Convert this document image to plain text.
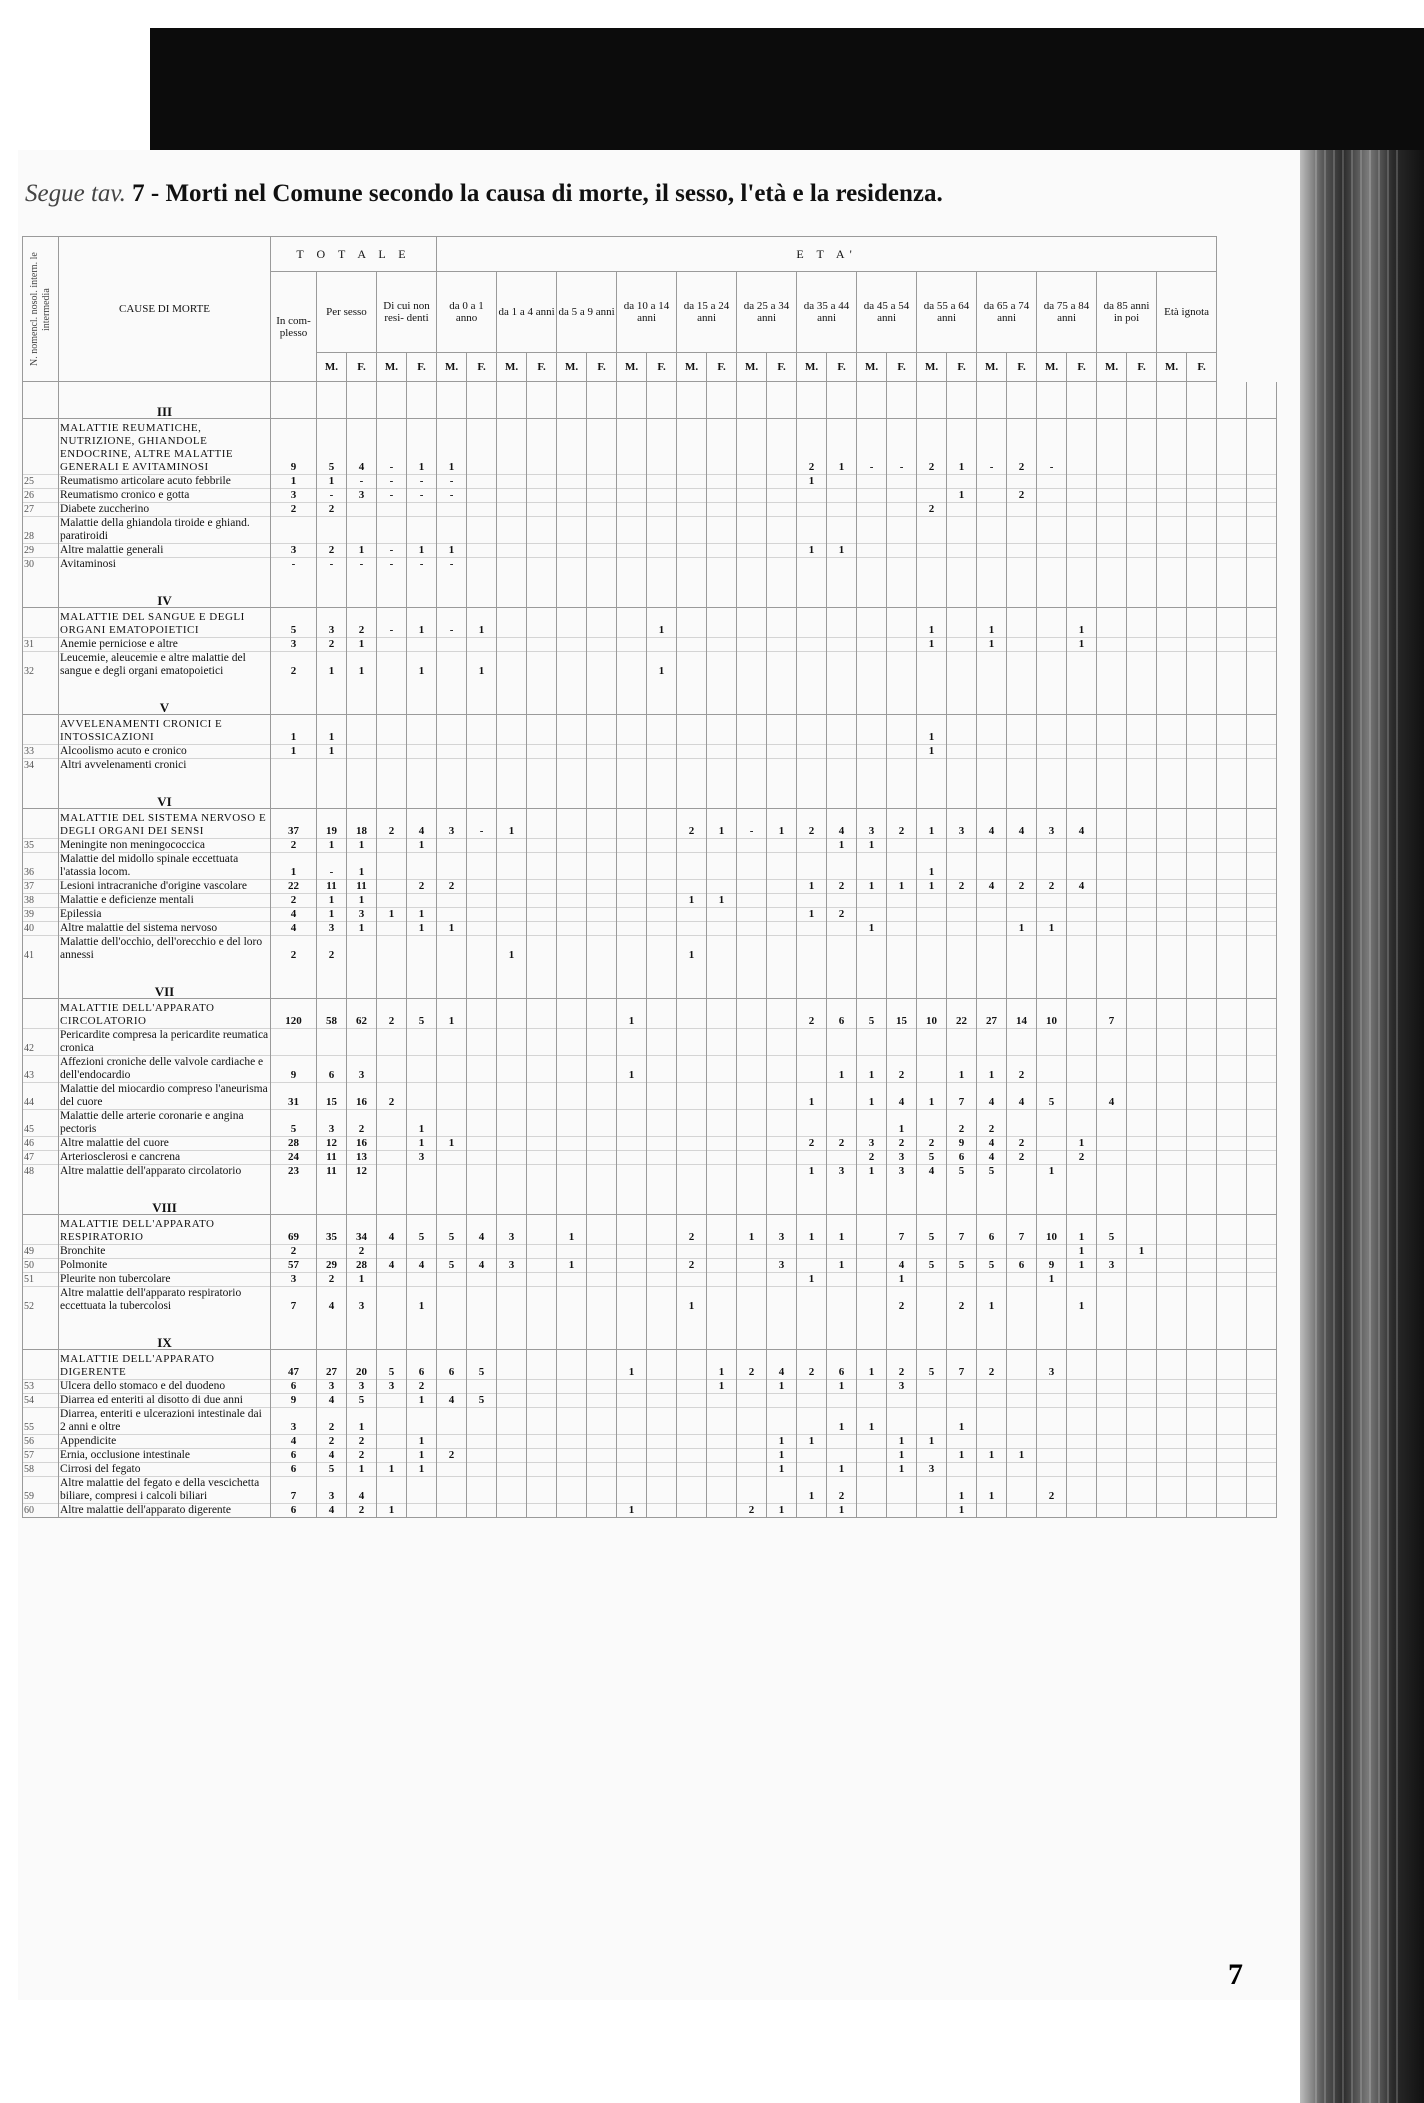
Segue tav. 7 - Morti nel Comune secondo la causa di morte, il sesso, l'età e la residenza.
N. nomencl. nosol. intern. le intermedia	CAUSE DI MORTE	T O T A L E					E T A'																											
		In com- plesso	Per sesso		Di cui non resi- denti		da 0 a 1 anno		da 1 a 4 anni		da 5 a 9 anni		da 10 a 14 anni		da 15 a 24 anni		da 25 a 34 anni		da 35 a 44 anni		da 45 a 54 anni		da 55 a 64 anni		da 65 a 74 anni		da 75 a 84 anni		da 85 anni in poi		Età ignota			
			M.	F.	M.	F.	M.	F.	M.	F.	M.	F.	M.	F.	M.	F.	M.	F.	M.	F.	M.	F.	M.	F.	M.	F.	M.	F.	M.	F.	M.	F.		
	III																																	
	MALATTIE REUMATICHE, NUTRIZIONE, GHIANDOLE ENDOCRINE, ALTRE MALATTIE GENERALI E AVITAMINOSI	9	5	4	-	1	1												2	1	-	-	2	1	-	2	-							
25	Reumatismo articolare acuto febbrile	1	1	-	-	-	-												1															
26	Reumatismo cronico e gotta	3	-	3	-	-	-																	1		2								
27	Diabete zuccherino	2	2																				2											
28	Malattie della ghiandola tiroide e ghiand. paratiroidi																																	
29	Altre malattie generali	3	2	1	-	1	1												1	1														
30	Avitaminosi	-	-	-	-	-	-																											
	IV																																	
	MALATTIE DEL SANGUE E DEGLI ORGANI EMATOPOIETICI	5	3	2	-	1	-	1						1									1		1			1						
31	Anemie perniciose e altre	3	2	1																			1		1			1						
32	Leucemie, aleucemie e altre malattie del sangue e degli organi ematopoietici	2	1	1		1		1						1																				
	V																																	
	AVVELENAMENTI CRONICI E INTOSSICAZIONI	1	1																				1											
33	Alcoolismo acuto e cronico	1	1																				1											
34	Altri avvelenamenti cronici																																	
	VI																																	
	MALATTIE DEL SISTEMA NERVOSO E DEGLI ORGANI DEI SENSI	37	19	18	2	4	3	-	1						2	1	-	1	2	4	3	2	1	3	4	4	3	4						
35	Meningite non meningococcica	2	1	1		1														1	1													
36	Malattie del midollo spinale eccettuata l'atassia locom.	1	-	1																			1											
37	Lesioni intracraniche d'origine vascolare	22	11	11		2	2												1	2	1	1	1	2	4	2	2	4						
38	Malattie e deficienze mentali	2	1	1											1	1																		
39	Epilessia	4	1	3	1	1													1	2														
40	Altre malattie del sistema nervoso	4	3	1		1	1														1					1	1							
41	Malattie dell'occhio, dell'orecchio e del loro annessi	2	2						1						1																			
	VII																																	
	MALATTIE DELL'APPARATO CIRCOLATORIO	120	58	62	2	5	1						1						2	6	5	15	10	22	27	14	10		7					
42	Pericardite compresa la pericardite reumatica cronica																																	
43	Affezioni croniche delle valvole cardiache e dell'endocardio	9	6	3									1							1	1	2		1	1	2								
44	Malattie del miocardio compreso l'aneurisma del cuore	31	15	16	2														1		1	4	1	7	4	4	5		4					
45	Malattie delle arterie coronarie e angina pectoris	5	3	2		1																1		2	2									
46	Altre malattie del cuore	28	12	16		1	1												2	2	3	2	2	9	4	2		1						
47	Arteriosclerosi e cancrena	24	11	13		3															2	3	5	6	4	2		2						
48	Altre malattie dell'apparato circolatorio	23	11	12															1	3	1	3	4	5	5		1							
	VIII																																	
	MALATTIE DELL'APPARATO RESPIRATORIO	69	35	34	4	5	5	4	3		1				2		1	3	1	1		7	5	7	6	7	10	1	5					
49	Bronchite	2		2																								1		1				
50	Polmonite	57	29	28	4	4	5	4	3		1				2			3		1		4	5	5	5	6	9	1	3					
51	Pleurite non tubercolare	3	2	1															1			1					1							
52	Altre malattie dell'apparato respiratorio eccettuata la tubercolosi	7	4	3		1									1							2		2	1			1						
	IX																																	
	MALATTIE DELL'APPARATO DIGERENTE	47	27	20	5	6	6	5					1			1	2	4	2	6	1	2	5	7	2		3							
53	Ulcera dello stomaco e del duodeno	6	3	3	3	2										1		1		1		3												
54	Diarrea ed enteriti al disotto di due anni	9	4	5		1	4	5																										
55	Diarrea, enteriti e ulcerazioni intestinale dai 2 anni e oltre	3	2	1																1	1			1										
56	Appendicite	4	2	2		1												1	1			1	1											
57	Ernia, occlusione intestinale	6	4	2		1	2											1				1		1	1	1								
58	Cirrosi del fegato	6	5	1	1	1												1		1		1	3											
59	Altre malattie del fegato e della vescichetta biliare, compresi i calcoli biliari	7	3	4															1	2				1	1		2							
60	Altre malattie dell'apparato digerente	6	4	2	1								1				2	1		1				1										
7
